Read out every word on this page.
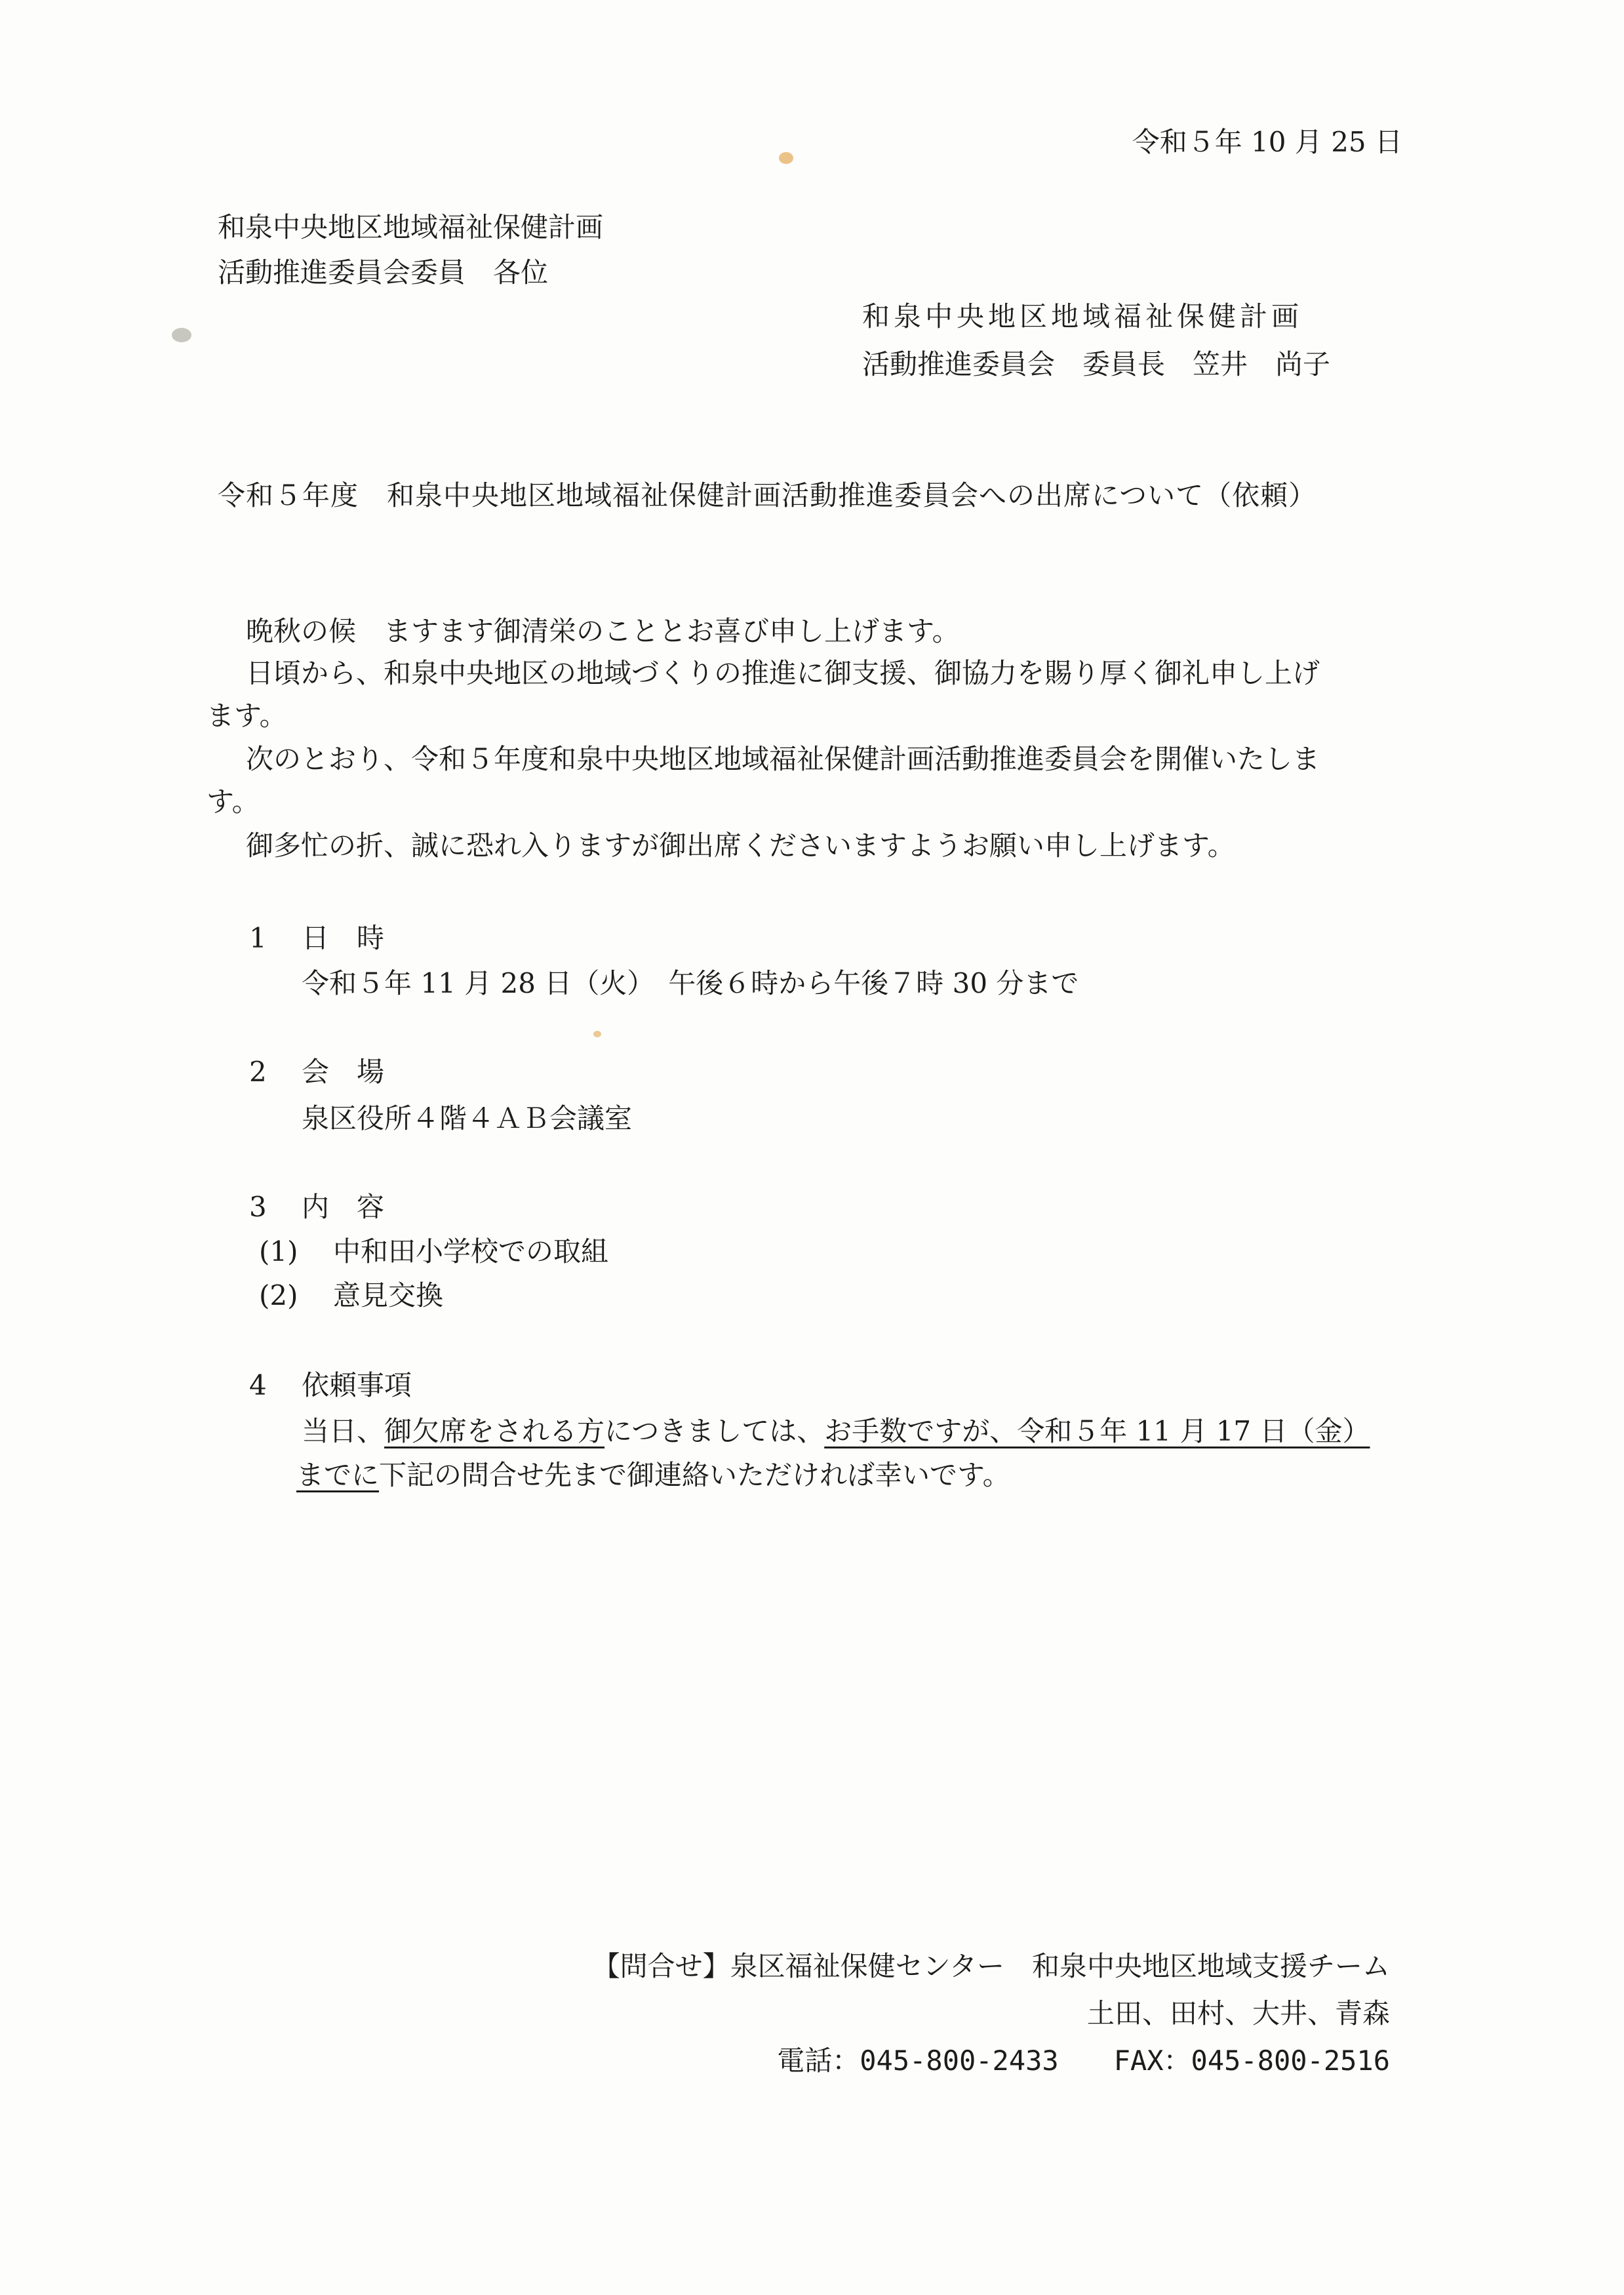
令和５年 10 月 25 日
和泉中央地区地域福祉保健計画
活動推進委員会委員　各位
和泉中央地区地域福祉保健計画
活動推進委員会　委員長　笠井　尚子
令和５年度　和泉中央地区地域福祉保健計画活動推進委員会への出席について（依頼）
晩秋の候　ますます御清栄のこととお喜び申し上げます。
日頃から、和泉中央地区の地域づくりの推進に御支援、御協力を賜り厚く御礼申し上げ
ます。
次のとおり、令和５年度和泉中央地区地域福祉保健計画活動推進委員会を開催いたしま
す。
御多忙の折、誠に恐れ入りますが御出席くださいますようお願い申し上げます。
1 日　時
令和５年 11 月 28 日（火）　午後６時から午後７時 30 分まで
2 会　場
泉区役所４階４ＡＢ会議室
3 内　容
(1) 中和田小学校での取組
(2) 意見交換
4 依頼事項
当日、御欠席をされる方につきましては、お手数ですが、令和５年 11 月 17 日（金）
までに下記の問合せ先まで御連絡いただければ幸いです。
【問合せ】泉区福祉保健センター　和泉中央地区地域支援チーム
土田、田村、大井、青森
電話：045-800-2433　　FAX：045-800-2516
